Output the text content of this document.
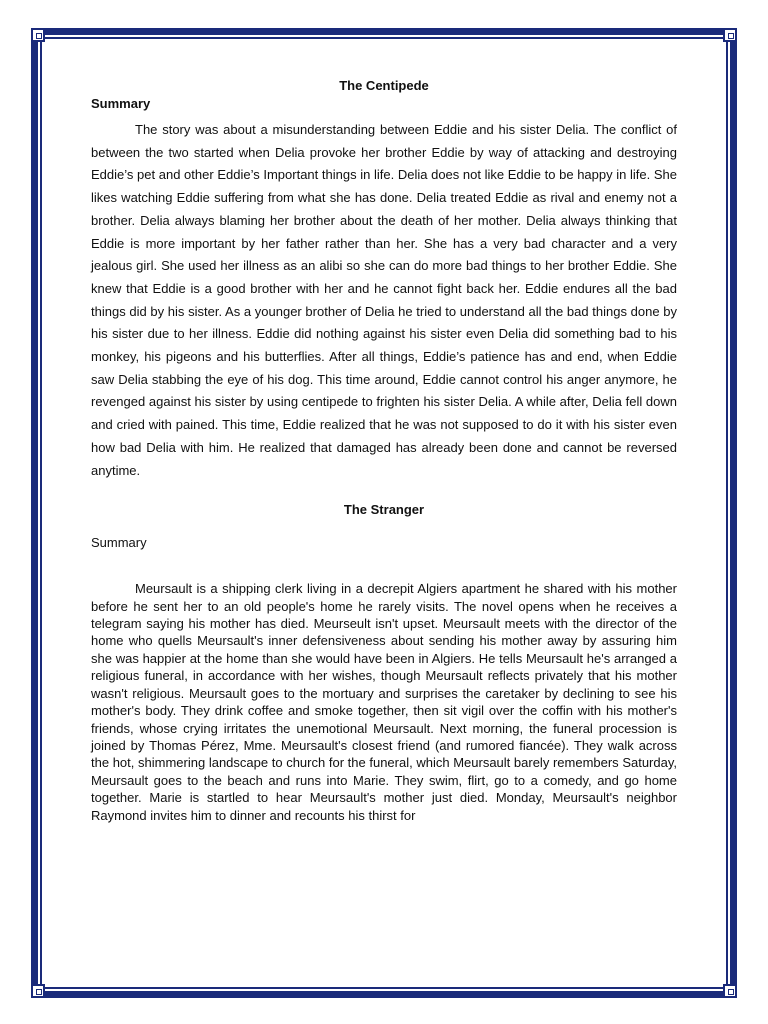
The Centipede
Summary

The story was about a misunderstanding between Eddie and his sister Delia. The conflict of between the two started when Delia provoke her brother Eddie by way of attacking and destroying Eddie’s pet and other Eddie’s Important things in life. Delia does not like Eddie to be happy in life. She likes watching Eddie suffering from what she has done. Delia treated Eddie as rival and enemy not a brother. Delia always blaming her brother about the death of her mother. Delia always thinking that Eddie is more important by her father rather than her. She has a very bad character and a very jealous girl. She used her illness as an alibi so she can do more bad things to her brother Eddie. She knew that Eddie is a good brother with her and he cannot fight back her. Eddie endures all the bad things did by his sister. As a younger brother of Delia he tried to understand all the bad things done by his sister due to her illness. Eddie did nothing against his sister even Delia did something bad to his monkey, his pigeons and his butterflies. After all things, Eddie’s patience has and end, when Eddie saw Delia stabbing the eye of his dog. This time around, Eddie cannot control his anger anymore, he revenged against his sister by using centipede to frighten his sister Delia. A while after, Delia fell down and cried with pained. This time, Eddie realized that he was not supposed to do it with his sister even how bad Delia with him. He realized that damaged has already been done and cannot be reversed anytime.

The Stranger
Summary

Meursault is a shipping clerk living in a decrepit Algiers apartment he shared with his mother before he sent her to an old people's home he rarely visits. The novel opens when he receives a telegram saying his mother has died. Meurseult isn't upset. Meursault meets with the director of the home who quells Meursault's inner defensiveness about sending his mother away by assuring him she was happier at the home than she would have been in Algiers. He tells Meursault he's arranged a religious funeral, in accordance with her wishes, though Meursault reflects privately that his mother wasn't religious. Meursault goes to the mortuary and surprises the caretaker by declining to see his mother's body. They drink coffee and smoke together, then sit vigil over the coffin with his mother's friends, whose crying irritates the unemotional Meursault. Next morning, the funeral procession is joined by Thomas Pérez, Mme. Meursault's closest friend (and rumored fiancée). They walk across the hot, shimmering landscape to church for the funeral, which Meursault barely remembers Saturday, Meursault goes to the beach and runs into Marie. They swim, flirt, go to a comedy, and go home together. Marie is startled to hear Meursault's mother just died. Monday, Meursault's neighbor Raymond invites him to dinner and recounts his thirst for
